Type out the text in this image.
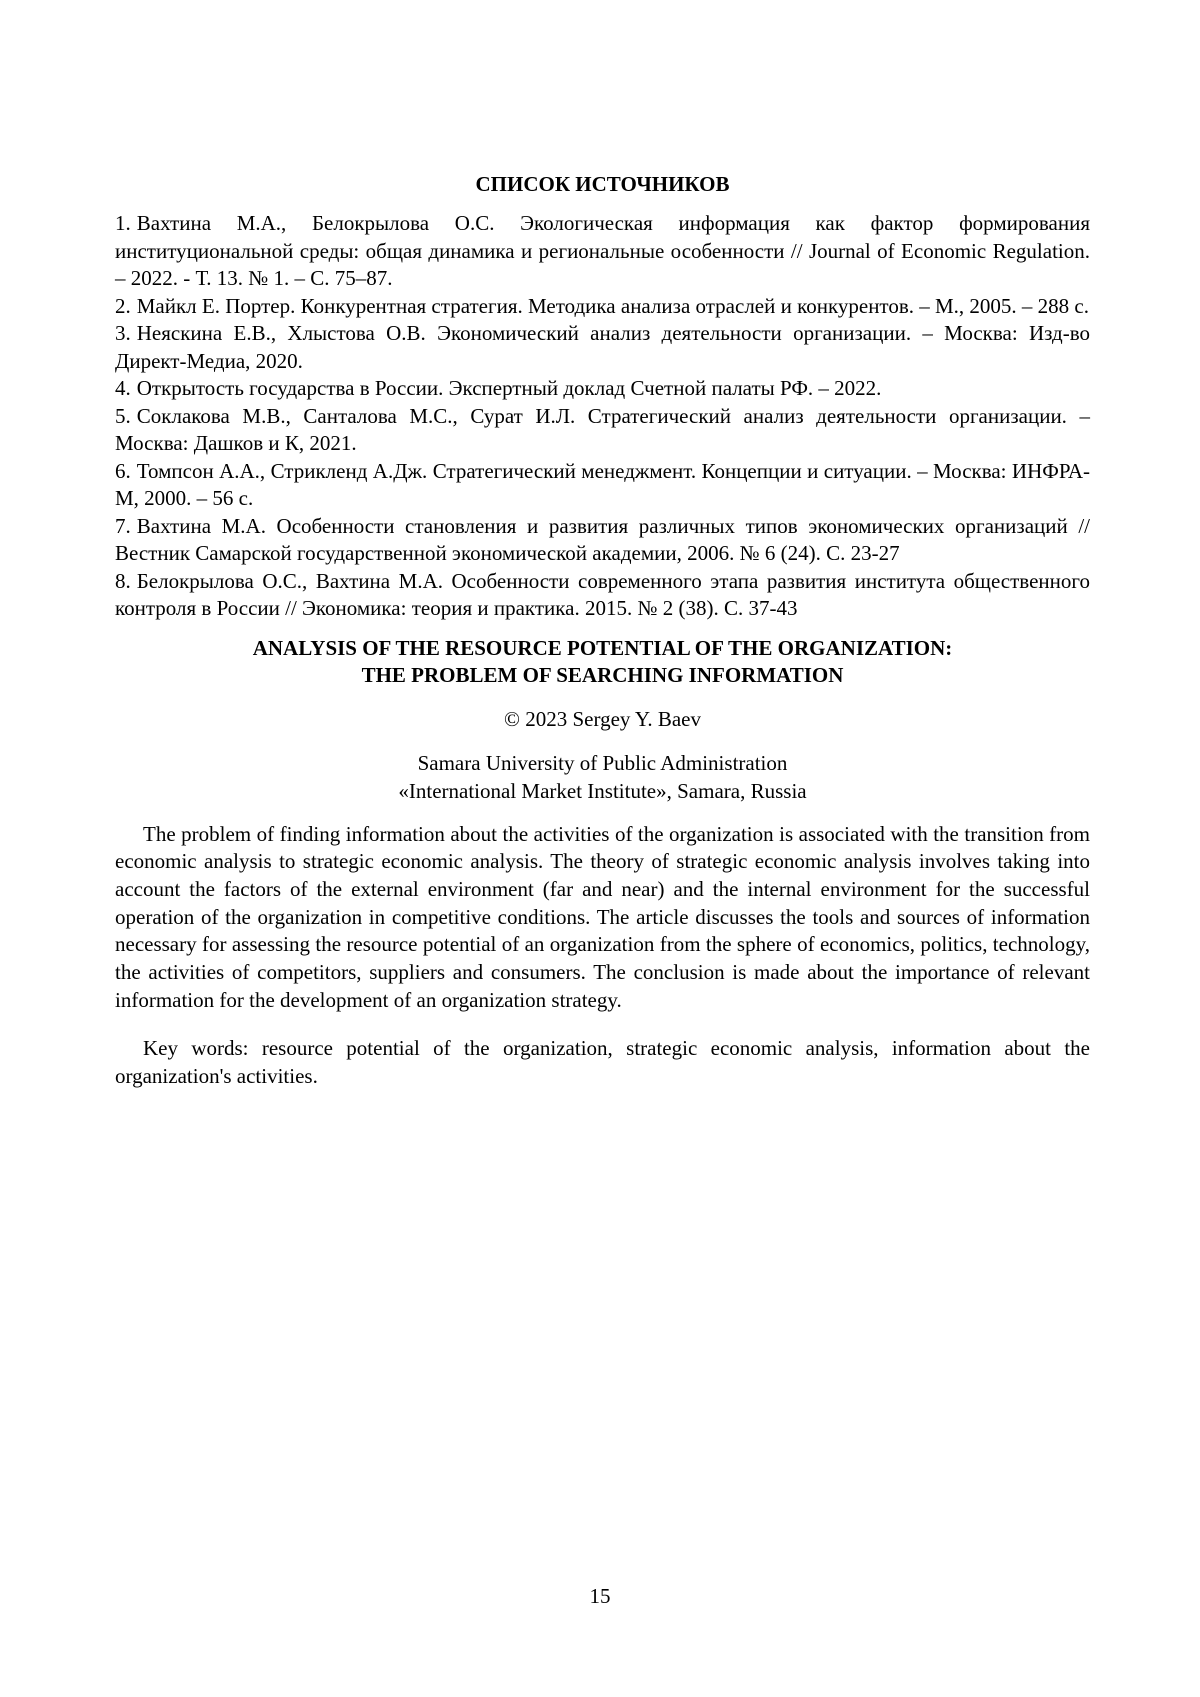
СПИСОК ИСТОЧНИКОВ

1. Вахтина М.А., Белокрылова О.С. Экологическая информация как фактор формирования институциональной среды: общая динамика и региональные особенности // Journal of Economic Regulation. – 2022. - Т. 13. № 1. – С. 75–87.

2. Майкл Е. Портер. Конкурентная стратегия. Методика анализа отраслей и конкурентов. – М., 2005. – 288 с.

3. Неяскина Е.В., Хлыстова О.В. Экономический анализ деятельности организации. – Москва: Изд-во Директ-Медиа, 2020.

4. Открытость государства в России. Экспертный доклад Счетной палаты РФ. – 2022.

5. Соклакова М.В., Санталова М.С., Сурат И.Л. Стратегический анализ деятельности организации. – Москва: Дашков и К, 2021.

6. Томпсон А.А., Стрикленд А.Дж. Стратегический менеджмент. Концепции и ситуации. – Москва: ИНФРА-М, 2000. – 56 с.

7. Вахтина М.А. Особенности становления и развития различных типов экономических организаций // Вестник Самарской государственной экономической академии, 2006. № 6 (24). С. 23-27

8. Белокрылова О.С., Вахтина М.А. Особенности современного этапа развития института общественного контроля в России // Экономика: теория и практика. 2015. № 2 (38). С. 37-43

ANALYSIS OF THE RESOURCE POTENTIAL OF THE ORGANIZATION:
THE PROBLEM OF SEARCHING INFORMATION
© 2023 Sergey Y. Baev
Samara University of Public Administration
«International Market Institute», Samara, Russia

The problem of finding information about the activities of the organization is associated with the transition from economic analysis to strategic economic analysis. The theory of strategic economic analysis involves taking into account the factors of the external environment (far and near) and the internal environment for the successful operation of the organization in competitive conditions. The article discusses the tools and sources of information necessary for assessing the resource potential of an organization from the sphere of economics, politics, technology, the activities of competitors, suppliers and consumers. The conclusion is made about the importance of relevant information for the development of an organization strategy.

Key words: resource potential of the organization, strategic economic analysis, information about the organization's activities.

15
